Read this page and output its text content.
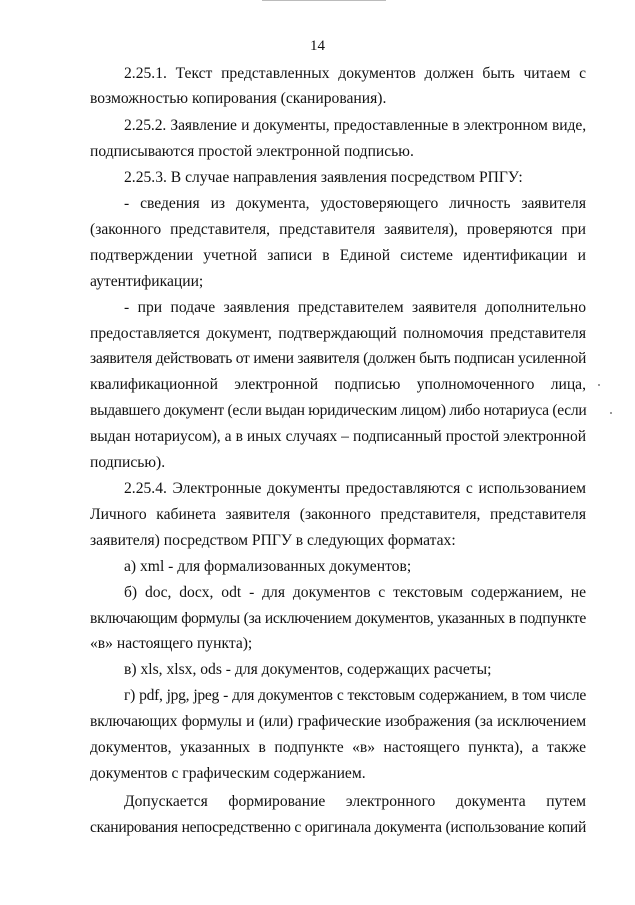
14
2.25.1. Текст представленных документов должен быть читаем с
возможностью копирования (сканирования).
2.25.2. Заявление и документы, предоставленные в электронном виде,
подписываются простой электронной подписью.
2.25.3. В случае направления заявления посредством РПГУ:
- сведения из документа, удостоверяющего личность заявителя
(законного представителя, представителя заявителя), проверяются при
подтверждении учетной записи в Единой системе идентификации и
аутентификации;
- при подаче заявления представителем заявителя дополнительно
предоставляется документ, подтверждающий полномочия представителя
заявителя действовать от имени заявителя (должен быть подписан усиленной
квалификационной электронной подписью уполномоченного лица,
выдавшего документ (если выдан юридическим лицом) либо нотариуса (если
выдан нотариусом), а в иных случаях – подписанный простой электронной
подписью).
2.25.4. Электронные документы предоставляются с использованием
Личного кабинета заявителя (законного представителя, представителя
заявителя) посредством РПГУ в следующих форматах:
а) xml - для формализованных документов;
б) doc, docx, odt - для документов с текстовым содержанием, не
включающим формулы (за исключением документов, указанных в подпункте
«в» настоящего пункта);
в) xls, xlsx, ods - для документов, содержащих расчеты;
г) pdf, jpg, jpeg - для документов с текстовым содержанием, в том числе
включающих формулы и (или) графические изображения (за исключением
документов, указанных в подпункте «в» настоящего пункта), а также
документов с графическим содержанием.
Допускается формирование электронного документа путем
сканирования непосредственно с оригинала документа (использование копий
